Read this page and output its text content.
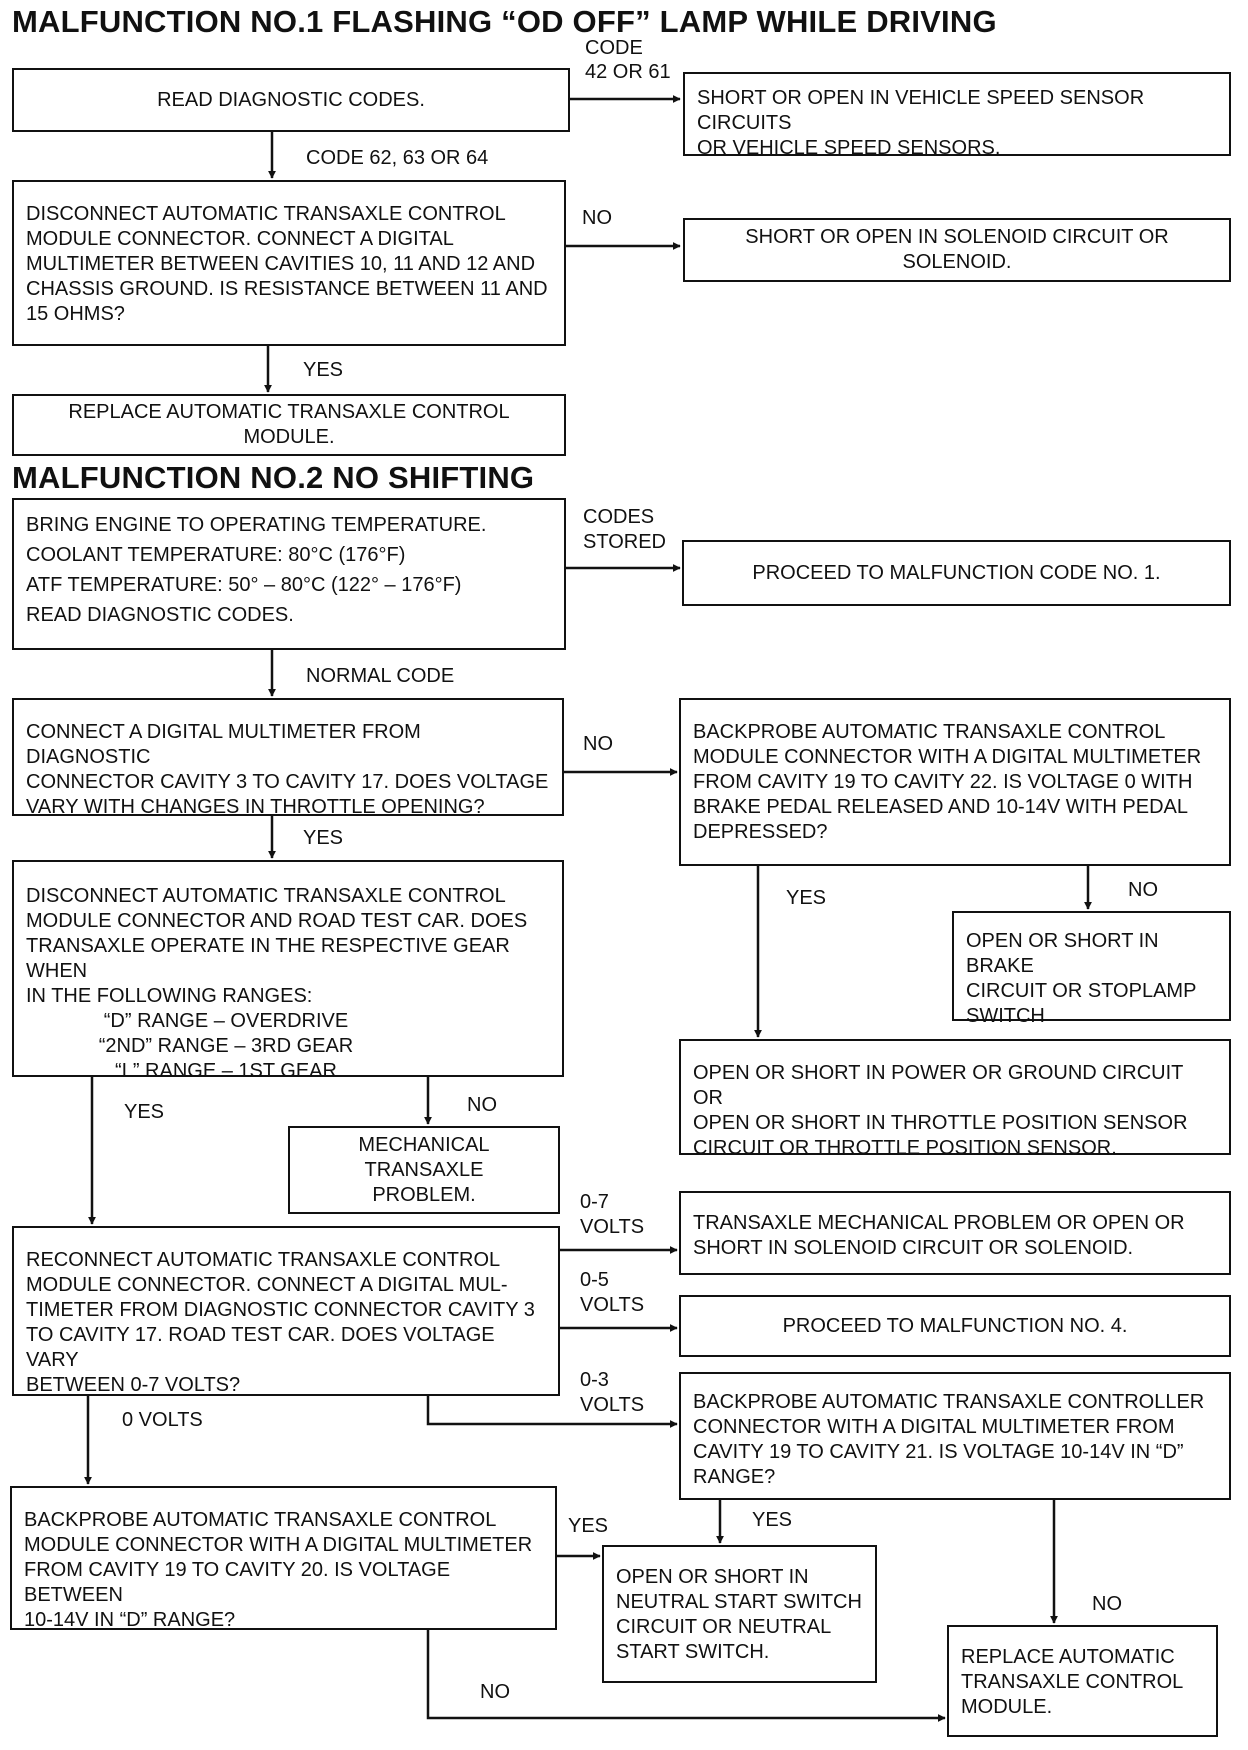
MALFUNCTION NO.1 FLASHING “OD OFF” LAMP WHILE DRIVING
READ DIAGNOSTIC CODES.
CODE
42 OR 61
SHORT OR OPEN IN VEHICLE SPEED SENSOR CIRCUITS
OR VEHICLE SPEED SENSORS.
CODE 62, 63 OR 64
DISCONNECT AUTOMATIC TRANSAXLE CONTROL
MODULE CONNECTOR. CONNECT A DIGITAL
MULTIMETER BETWEEN CAVITIES 10, 11 AND 12 AND
CHASSIS GROUND. IS RESISTANCE BETWEEN 11 AND
15 OHMS?
NO
SHORT OR OPEN IN SOLENOID CIRCUIT OR SOLENOID.
YES
REPLACE AUTOMATIC TRANSAXLE CONTROL MODULE.
MALFUNCTION NO.2 NO SHIFTING
BRING ENGINE TO OPERATING TEMPERATURE.
COOLANT TEMPERATURE: 80°C (176°F)
ATF TEMPERATURE: 50° – 80°C (122° – 176°F)
READ DIAGNOSTIC CODES.
CODES
STORED
PROCEED TO MALFUNCTION CODE NO. 1.
NORMAL CODE
CONNECT A DIGITAL MULTIMETER FROM DIAGNOSTIC
CONNECTOR CAVITY 3 TO CAVITY 17. DOES VOLTAGE
VARY WITH CHANGES IN THROTTLE OPENING?
NO
BACKPROBE AUTOMATIC TRANSAXLE CONTROL
MODULE CONNECTOR WITH A DIGITAL MULTIMETER
FROM CAVITY 19 TO CAVITY 22. IS VOLTAGE 0 WITH
BRAKE PEDAL RELEASED AND 10-14V WITH PEDAL
DEPRESSED?
YES
DISCONNECT AUTOMATIC TRANSAXLE CONTROL
MODULE CONNECTOR AND ROAD TEST CAR. DOES
TRANSAXLE OPERATE IN THE RESPECTIVE GEAR WHEN
IN THE FOLLOWING RANGES:
“D” RANGE – OVERDRIVE
“2ND” RANGE – 3RD GEAR
“L” RANGE – 1ST GEAR
YES	NO
OPEN OR SHORT IN BRAKE
CIRCUIT OR STOPLAMP
SWITCH
OPEN OR SHORT IN POWER OR GROUND CIRCUIT OR
OPEN OR SHORT IN THROTTLE POSITION SENSOR
CIRCUIT OR THROTTLE POSITION SENSOR.
YES	NO
MECHANICAL TRANSAXLE
PROBLEM.	0-7
VOLTS TRANSAXLE MECHANICAL PROBLEM OR OPEN OR
SHORT IN SOLENOID CIRCUIT OR SOLENOID.
RECONNECT AUTOMATIC TRANSAXLE CONTROL
MODULE CONNECTOR. CONNECT A DIGITAL MUL-
TIMETER FROM DIAGNOSTIC CONNECTOR CAVITY 3
TO CAVITY 17. ROAD TEST CAR. DOES VOLTAGE VARY
BETWEEN 0-7 VOLTS?
0-5
VOLTS
PROCEED TO MALFUNCTION NO. 4.
0-3
VOLTS
0 VOLTS
BACKPROBE AUTOMATIC TRANSAXLE CONTROLLER
CONNECTOR WITH A DIGITAL MULTIMETER FROM
CAVITY 19 TO CAVITY 21. IS VOLTAGE 10-14V IN “D”
RANGE?
BACKPROBE AUTOMATIC TRANSAXLE CONTROL
MODULE CONNECTOR WITH A DIGITAL MULTIMETER
FROM CAVITY 19 TO CAVITY 20. IS VOLTAGE BETWEEN
10-14V IN “D” RANGE?
YES	YES
OPEN OR SHORT IN
NEUTRAL START SWITCH
CIRCUIT OR NEUTRAL
START SWITCH.
NO
REPLACE AUTOMATIC
TRANSAXLE CONTROL
MODULE.
NO
